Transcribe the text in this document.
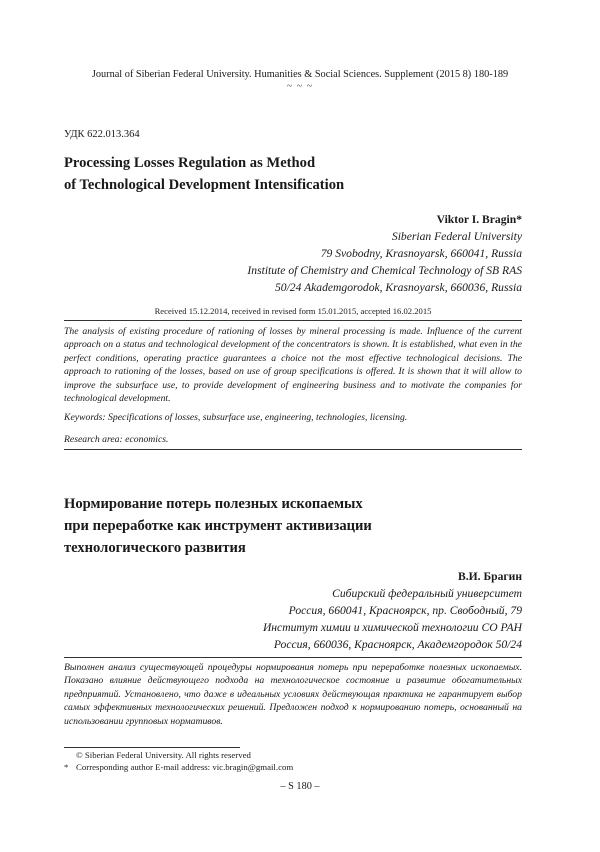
Journal of Siberian Federal University. Humanities & Social Sciences. Supplement (2015 8) 180-189
~ ~ ~
УДК 622.013.364
Processing Losses Regulation as Method
of Technological Development Intensification
Viktor I. Bragin*
Siberian Federal University
79 Svobodny, Krasnoyarsk, 660041, Russia
Institute of Chemistry and Chemical Technology of SB RAS
50/24 Akademgorodok, Krasnoyarsk, 660036, Russia
Received 15.12.2014, received in revised form 15.01.2015, accepted 16.02.2015
The analysis of existing procedure of rationing of losses by mineral processing is made. Influence of the current approach on a status and technological development of the concentrators is shown. It is established, what even in the perfect conditions, operating practice guarantees a choice not the most effective technological decisions. The approach to rationing of the losses, based on use of group specifications is offered. It is shown that it will allow to improve the subsurface use, to provide development of engineering business and to motivate the companies for technological development.
Keywords: Specifications of losses, subsurface use, engineering, technologies, licensing.
Research area: economics.
Нормирование потерь полезных ископаемых
при переработке как инструмент активизации
технологического развития
В.И. Брагин
Сибирский федеральный университет
Россия, 660041, Красноярск, пр. Свободный, 79
Институт химии и химической технологии СО РАН
Россия, 660036, Красноярск, Академгородок 50/24
Выполнен анализ существующей процедуры нормирования потерь при переработке полезных ископаемых. Показано влияние действующего подхода на технологическое состояние и развитие обогатительных предприятий. Установлено, что даже в идеальных условиях действующая практика не гарантирует выбор самых эффективных технологических решений. Предложен подход к нормированию потерь, основанный на использовании групповых нормативов.
© Siberian Federal University. All rights reserved
* Corresponding author E-mail address: vic.bragin@gmail.com
– S 180 –
